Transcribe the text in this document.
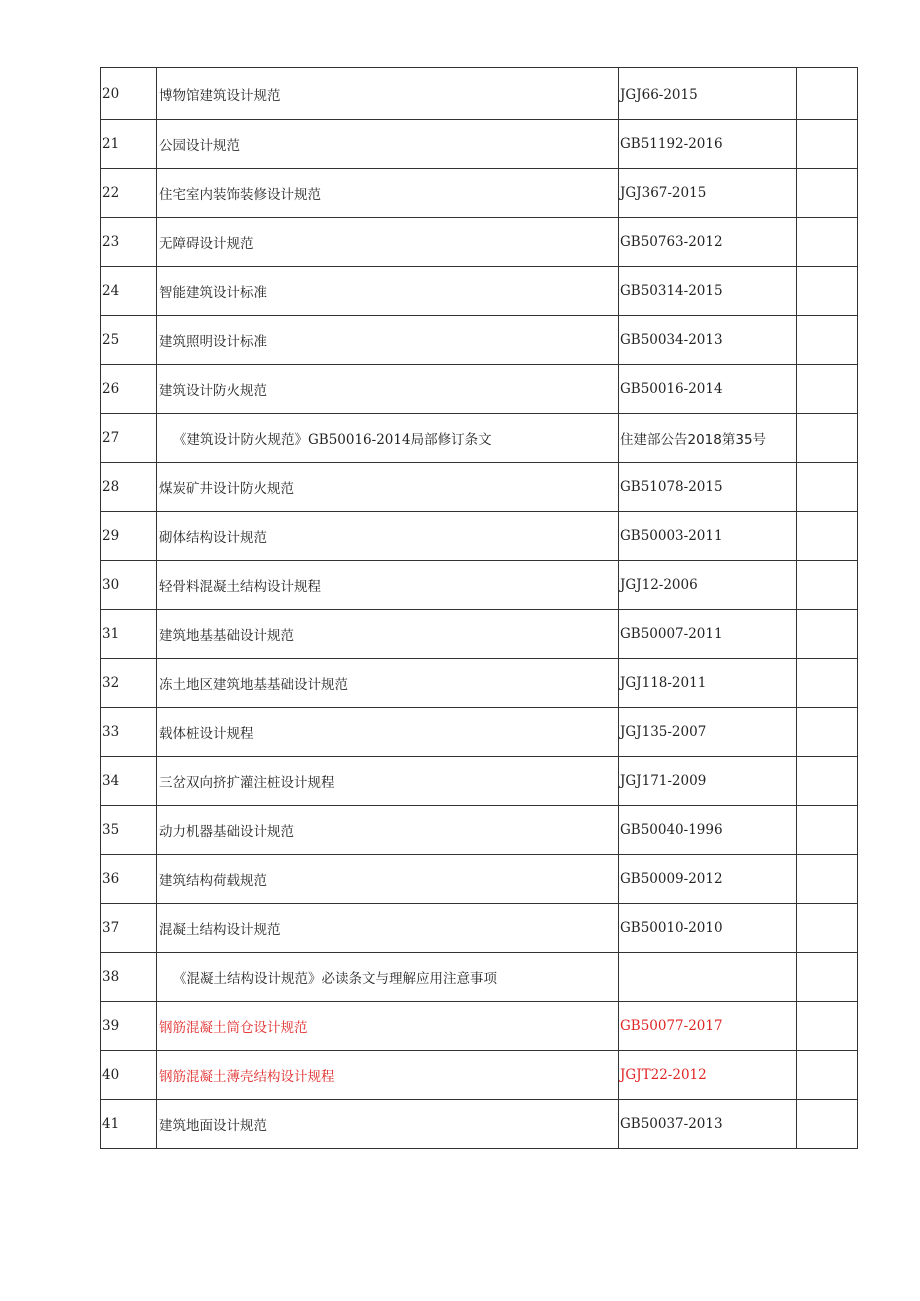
20	博物馆建筑设计规范	JGJ66-2015	
21	公园设计规范	GB51192-2016	
22	住宅室内装饰装修设计规范	JGJ367-2015	
23	无障碍设计规范	GB50763-2012	
24	智能建筑设计标准	GB50314-2015	
25	建筑照明设计标准	GB50034-2013	
26	建筑设计防火规范	GB50016-2014	
27	《建筑设计防火规范》GB50016-2014局部修订条文	住建部公告2018第35号	
28	煤炭矿井设计防火规范	GB51078-2015	
29	砌体结构设计规范	GB50003-2011	
30	轻骨料混凝土结构设计规程	JGJ12-2006	
31	建筑地基基础设计规范	GB50007-2011	
32	冻土地区建筑地基基础设计规范	JGJ118-2011	
33	载体桩设计规程	JGJ135-2007	
34	三岔双向挤扩灌注桩设计规程	JGJ171-2009	
35	动力机器基础设计规范	GB50040-1996	
36	建筑结构荷载规范	GB50009-2012	
37	混凝土结构设计规范	GB50010-2010	
38	《混凝土结构设计规范》必读条文与理解应用注意事项		
39	钢筋混凝土筒仓设计规范	GB50077-2017	
40	钢筋混凝土薄壳结构设计规程	JGJT22-2012	
41	建筑地面设计规范	GB50037-2013	
